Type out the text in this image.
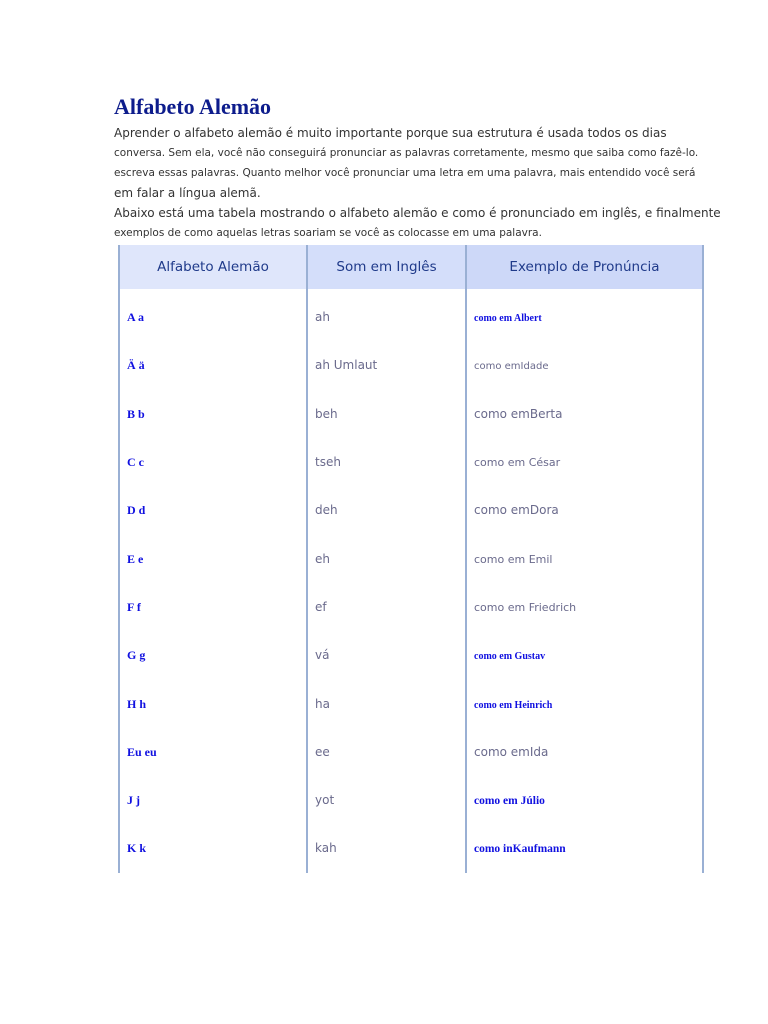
Alfabeto Alemão
Aprender o alfabeto alemão é muito importante porque sua estrutura é usada todos os dias
conversa. Sem ela, você não conseguirá pronunciar as palavras corretamente, mesmo que saiba como fazê-lo.
escreva essas palavras. Quanto melhor você pronunciar uma letra em uma palavra, mais entendido você será
em falar a língua alemã.
Abaixo está uma tabela mostrando o alfabeto alemão e como é pronunciado em inglês, e finalmente
exemplos de como aquelas letras soariam se você as colocasse em uma palavra.
Alfabeto Alemão	Som em Inglês	Exemplo de Pronúncia
A a	ah	como em Albert
Ä ä	ah Umlaut	como emIdade
B b	beh	como emBerta
C c	tseh	como em César
D d	deh	como emDora
E e	eh	como em Emil
F f	ef	como em Friedrich
G g	vá	como em Gustav
H h	ha	como em Heinrich
Eu eu	ee	como emIda
J j	yot	como em Júlio
K k	kah	como inKaufmann
